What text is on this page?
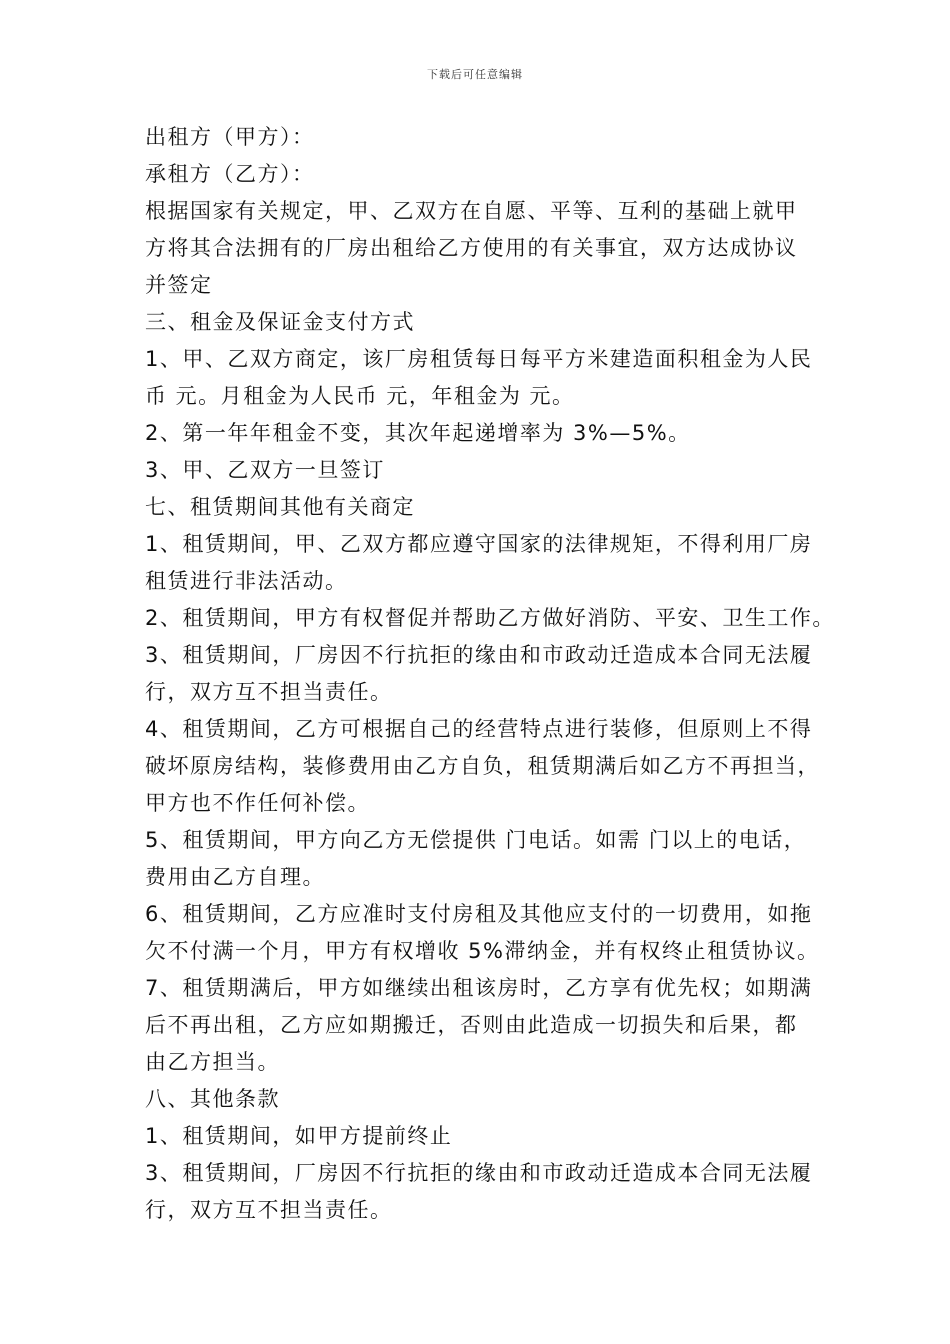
下载后可任意编辑
出租方（甲方）：
承租方（乙方）：
根据国家有关规定，甲、乙双方在自愿、平等、互利的基础上就甲
方将其合法拥有的厂房出租给乙方使用的有关事宜，双方达成协议
并签定
三、租金及保证金支付方式
1、甲、乙双方商定，该厂房租赁每日每平方米建造面积租金为人民
币 元。月租金为人民币 元，年租金为 元。
2、第一年年租金不变，其次年起递增率为 3%—5%。
3、甲、乙双方一旦签订
七、租赁期间其他有关商定
1、租赁期间，甲、乙双方都应遵守国家的法律规矩，不得利用厂房
租赁进行非法活动。
2、租赁期间，甲方有权督促并帮助乙方做好消防、平安、卫生工作。
3、租赁期间，厂房因不行抗拒的缘由和市政动迁造成本合同无法履
行，双方互不担当责任。
4、租赁期间，乙方可根据自己的经营特点进行装修，但原则上不得
破坏原房结构，装修费用由乙方自负，租赁期满后如乙方不再担当，
甲方也不作任何补偿。
5、租赁期间，甲方向乙方无偿提供 门电话。如需 门以上的电话，
费用由乙方自理。
6、租赁期间，乙方应准时支付房租及其他应支付的一切费用，如拖
欠不付满一个月，甲方有权增收 5%滞纳金，并有权终止租赁协议。
7、租赁期满后，甲方如继续出租该房时，乙方享有优先权；如期满
后不再出租，乙方应如期搬迁，否则由此造成一切损失和后果，都
由乙方担当。
八、其他条款
1、租赁期间，如甲方提前终止
3、租赁期间，厂房因不行抗拒的缘由和市政动迁造成本合同无法履
行，双方互不担当责任。
